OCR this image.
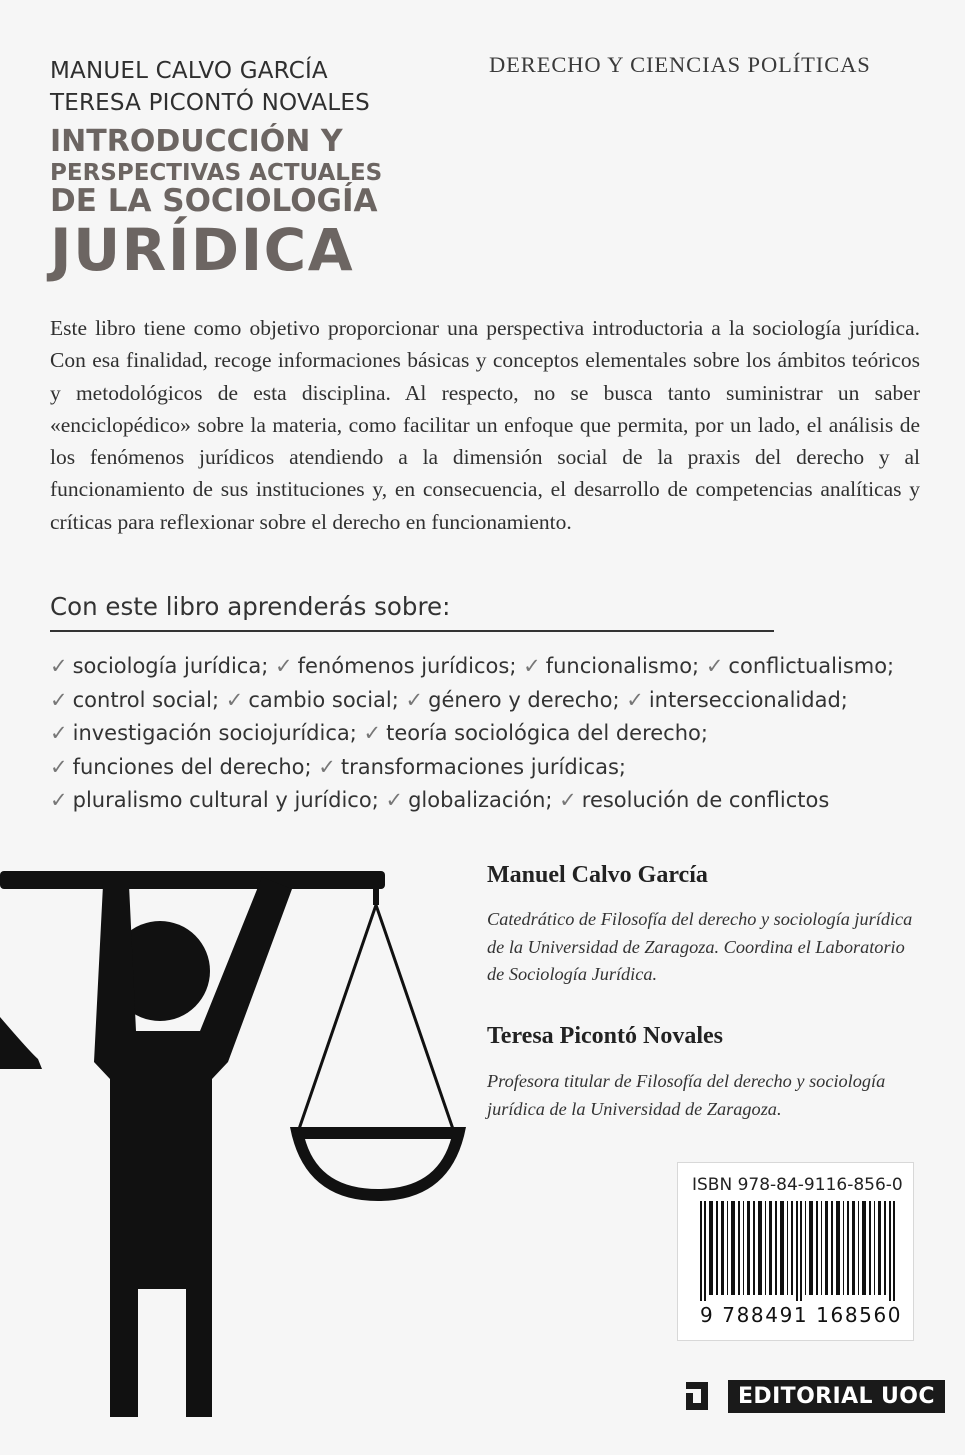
DERECHO Y CIENCIAS POLÍTICAS
MANUEL CALVO GARCÍA
TERESA PICONTÓ NOVALES
INTRODUCCIÓN Y
PERSPECTIVAS ACTUALES
DE LA SOCIOLOGÍA
JURÍDICA
Este libro tiene como objetivo proporcionar una perspectiva introductoria a la sociología jurídica. Con esa finalidad, recoge informaciones básicas y conceptos elementales sobre los ámbitos teóricos y metodológicos de esta disciplina. Al respecto, no se busca tanto suministrar un saber «enciclopédico» sobre la materia, como facilitar un enfoque que permita, por un lado, el análisis de los fenómenos jurídicos atendiendo a la dimensión social de la praxis del derecho y al funcionamiento de sus instituciones y, en consecuencia, el desarrollo de competencias analíticas y críticas para reflexionar sobre el derecho en funcionamiento.
Con este libro aprenderás sobre:
✓ sociología jurídica; ✓ fenómenos jurídicos; ✓ funcionalismo; ✓ conflictualismo; ✓ control social; ✓ cambio social; ✓ género y derecho; ✓ interseccionalidad; ✓ investigación sociojurídica; ✓ teoría sociológica del derecho; ✓ funciones del derecho; ✓ transformaciones jurídicas; ✓ pluralismo cultural y jurídico; ✓ globalización; ✓ resolución de conflictos
Manuel Calvo García
Catedrático de Filosofía del derecho y sociología jurídica de la Universidad de Zaragoza. Coordina el Laboratorio de Sociología Jurídica.
Teresa Picontó Novales
Profesora titular de Filosofía del derecho y sociología jurídica de la Universidad de Zaragoza.
ISBN 978-84-9116-856-0
9 788491 168560
EDITORIAL UOC
